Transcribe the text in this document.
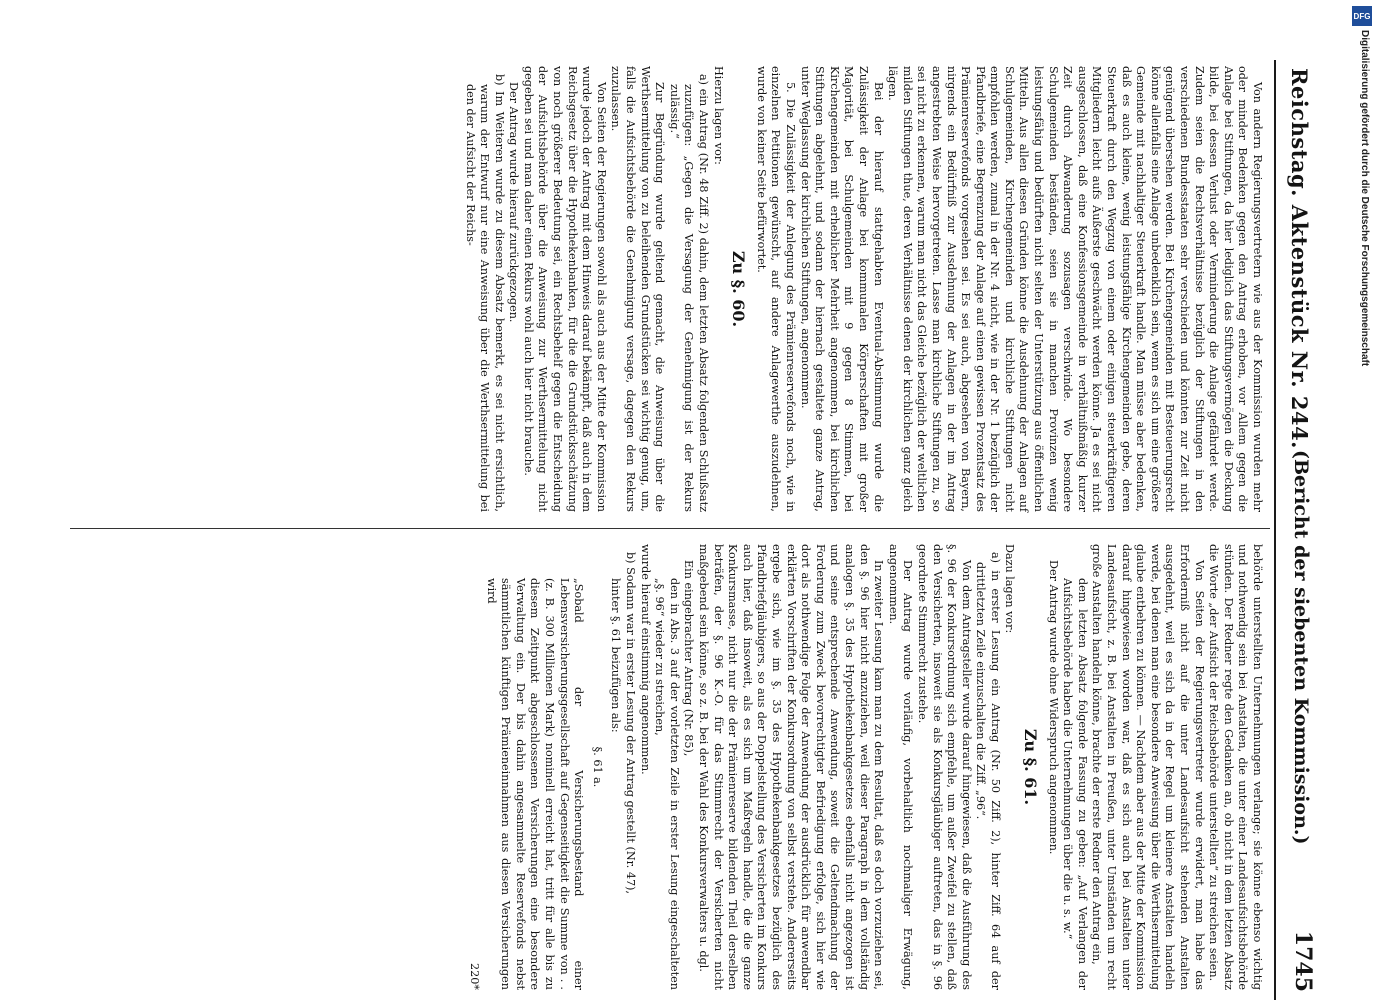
Reichstag. Aktenstück Nr. 244.
(Bericht der siebenten Kommission.)
1745

Von andern Regierungsvertretern wie aus der Kommission wurden mehr oder minder Bedenken gegen den Antrag erhoben, vor Allem gegen die Anlage bei Stiftungen, da hier lediglich das Stiftungsvermögen die Deckung bilde, bei dessen Verlust oder Verminderung die Anlage gefährdet werde. Zudem seien die Rechtsverhältnisse bezüglich der Stiftungen in den verschiedenen Bundesstaaten sehr verschieden und könnten zur Zeit nicht genügend übersehen werden. Bei Kirchengemeinden mit Besteuerungsrecht könne allenfalls eine Anlage unbedenklich sein, wenn es sich um eine größere Gemeinde mit nachhaltiger Steuerkraft handle. Man müsse aber bedenken, daß es auch kleine, wenig leistungsfähige Kirchengemeinden gebe, deren Steuerkraft durch den Wegzug von einem oder einigen steuerkräftigeren Mitgliedern leicht aufs Äußerste geschwächt werden könne. Ja es sei nicht ausgeschlossen, daß eine Konfessionsgemeinde in verhältnißmäßig kurzer Zeit durch Abwanderung sozusagen verschwinde. Wo besondere Schulgemeinden beständen, seien sie in manchen Provinzen wenig leistungsfähig und bedürften nicht selten der Unterstützung aus öffentlichen Mitteln. Aus allen diesen Gründen könne die Ausdehnung der Anlagen auf Schulgemeinden, Kirchengemeinden und kirchliche Stiftungen nicht empfohlen werden, zumal in der Nr. 4 nicht, wie in der Nr. 1 bezüglich der Pfandbriefe, eine Begrenzung der Anlage auf einen gewissen Prozentsatz des Prämienreservefonds vorgesehen sei. Es sei auch, abgesehen von Bayern, nirgends ein Bedürfniß zur Ausdehnung der Anlagen in der im Antrag angestrebten Weise hervorgetreten. Lasse man kirchliche Stiftungen zu, so sei nicht zu erkennen, warum man nicht das Gleiche bezüglich der weltlichen milden Stiftungen thue, deren Verhältnisse denen der kirchlichen ganz gleich lägen.

Bei der hierauf stattgehabten Eventual-Abstimmung wurde die Zulässigkeit der Anlage bei kommunalen Körperschaften mit großer Majorität, bei Schulgemeinden mit 9 gegen 8 Stimmen, bei Kirchengemeinden mit erheblicher Mehrheit angenommen, bei kirchlichen Stiftungen abgelehnt, und sodann der hiernach gestaltete ganze Antrag, unter Weglassung der kirchlichen Stiftungen, angenommen.

5. Die Zulässigkeit der Anlegung des Prämienreservefonds noch, wie in einzelnen Petitionen gewünscht, auf andere Anlagewerthe auszudehnen, wurde von keiner Seite befürwortet.

Zu §. 60.

Hierzu lagen vor:

a) ein Antrag (Nr. 48 Ziff. 2) dahin, dem letzten Absatz folgenden Schlußsatz zuzufügen: „Gegen die Versagung der Genehmigung ist der Rekurs zulässig.“

Zur Begründung wurde geltend gemacht, die Anweisung über die Werthsermittelung von zu beleihenden Grundstücken sei wichtig genug, um, falls die Aufsichtsbehörde die Genehmigung versage, dagegen den Rekurs zuzulassen.

Von Seiten der Regierungen sowohl als auch aus der Mitte der Kommission wurde jedoch der Antrag mit dem Hinweis darauf bekämpft, daß auch in dem Reichsgesetz über die Hypothekenbanken, für die die Grundstücksschätzung von noch größerer Bedeutung sei, ein Rechtsbehelf gegen die Entscheidung der Aufsichtsbehörde über die Anweisung zur Werthsermittelung nicht gegeben sei und man daher einen Rekurs wohl auch hier nicht brauche.

Der Antrag wurde hierauf zurückgezogen.

b) Im Weiteren wurde zu diesem Absatz bemerkt, es sei nicht ersichtlich, warum der Entwurf nur eine Anweisung über die Werthsermittelung bei den der Aufsicht der Reichs-

behörde unterstellten Unternehmungen verlange; sie könne ebenso wichtig und nothwendig sein bei Anstalten, die unter einer Landesaufsichtsbehörde stünden. Der Redner regte den Gedanken an, ob nicht in dem letzten Absatz die Worte „der Aufsicht der Reichsbehörde unterstellten“ zu streichen seien.

Von Seiten der Regierungsvertreter wurde erwidert, man habe das Erforderniß nicht auf die unter Landesaufsicht stehenden Anstalten ausgedehnt, weil es sich da in der Regel um kleinere Anstalten handeln werde, bei denen man eine besondere Anweisung über die Werthsermittelung glaube entbehren zu können. — Nachdem aber aus der Mitte der Kommission darauf hingewiesen worden war, daß es sich auch bei Anstalten unter Landesaufsicht, z. B. bei Anstalten in Preußen, unter Umständen um recht große Anstalten handeln könne, brachte der erste Redner den Antrag ein,

dem letzten Absatz folgende Fassung zu geben: „Auf Verlangen der Aufsichtsbehörde haben die Unternehmungen über die u. s. w.“

Der Antrag wurde ohne Widerspruch angenommen.

Zu §. 61.

Dazu lagen vor:

a) in erster Lesung ein Antrag (Nr. 50 Ziff. 2), hinter Ziff. 64 auf der drittletzten Zeile einzuschalten die Ziff. „96“.

Von dem Antragsteller wurde darauf hingewiesen, daß die Ausführung des §. 96 der Konkursordnung sich empfehle, um außer Zweifel zu stellen, daß den Versicherten, insoweit sie als Konkursgläubiger auftreten, das in §. 96 geordnete Stimmrecht zustehe.

Der Antrag wurde vorläufig, vorbehaltlich nochmaliger Erwägung, angenommen.

In zweiter Lesung kam man zu dem Resultat, daß es doch vorzuziehen sei, den §. 96 hier nicht anzuziehen, weil dieser Paragraph in dem vollständig analogen §. 35 des Hypothekenbankgesetzes ebenfalls nicht angezogen ist und seine entsprechende Anwendung, soweit die Geltendmachung der Forderung zum Zweck bevorrechtigter Befriedigung erfolge, sich hier wie dort als nothwendige Folge der Anwendung der ausdrücklich für anwendbar erklärten Vorschriften der Konkursordnung von selbst verstehe. Andererseits ergebe sich, wie im §. 35 des Hypothekenbankgesetzes bezüglich des Pfandbriefgläubigers, so aus der Doppelstellung des Versicherten im Konkurs auch hier, daß insoweit, als es sich um Maßregeln handle, die die ganze Konkursmasse, nicht nur die der Prämienreserve bildenden Theil derselben beträfen, der §. 96 K.-O. für das Stimmrecht der Versicherten nicht maßgebend sein könne, so z. B. bei der Wahl des Konkursverwalters u. dgl.

Ein eingebrachter Antrag (Nr. 85),

den in Abs. 3 auf der vorletzten Zeile in erster Lesung eingeschalteten „§. 96“ wieder zu streichen,

wurde hierauf einstimmig angenommen.

b) Sodann war in erster Lesung der Antrag gestellt (Nr. 47),

hinter §. 61 beizufügen als:

§. 61 a.

„Sobald der Versicherungsbestand einer Lebensversicherungsgesellschaft auf Gegenseitigkeit die Summe von . . (z. B. 300 Millionen Mark) nominell erreicht hat, tritt für alle bis zu diesem Zeitpunkt abgeschlossenen Versicherungen eine besondere Verwaltung ein. Der bis dahin angesammelte Reservefonds nebst sämmtlichen künftigen Prämieneinnahmen aus diesen Versicherungen wird

220*

DFG
Digitalisierung gefördert durch die Deutsche Forschungsgemeinschaft
